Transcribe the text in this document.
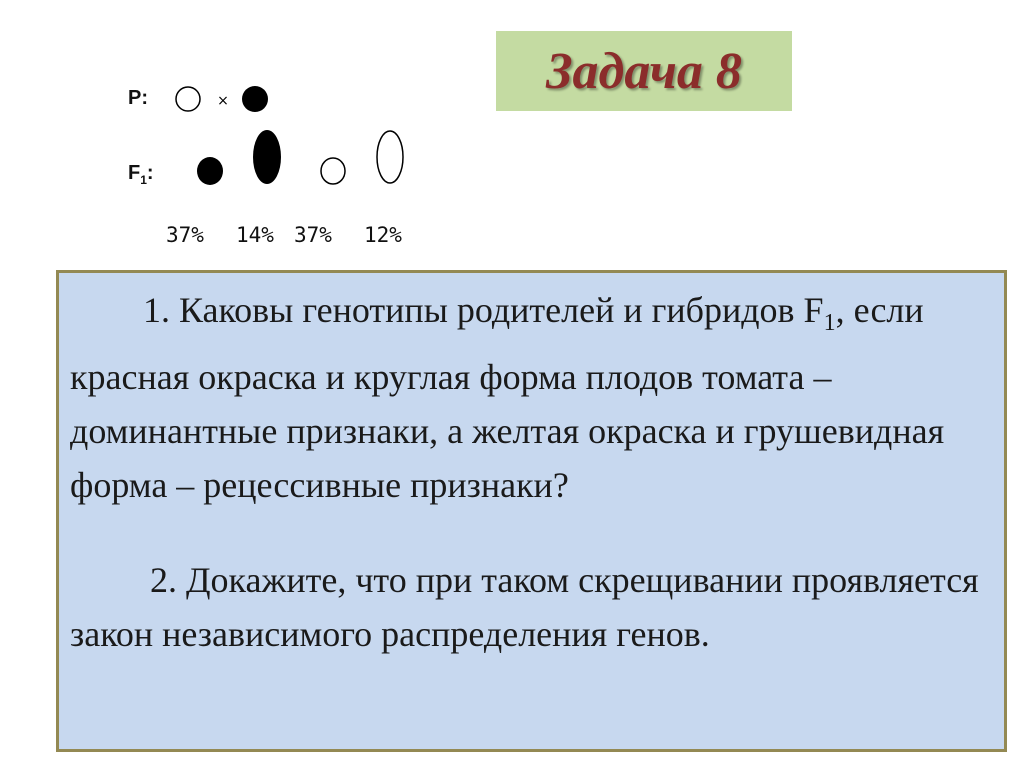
Задача 8
P:	×
$F_1$:
37% 14% 37% 12%

1. Каковы генотипы родителей и гибридов $F_1$, если красная окраска и круглая форма плодов томата – доминантные признаки, а желтая окраска и грушевидная форма – рецессивные признаки?

2. Докажите, что при таком скрещивании проявляется закон независимого распределения генов.
